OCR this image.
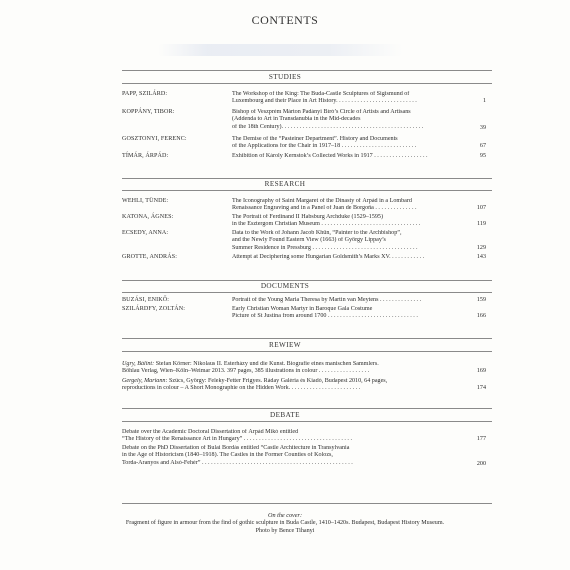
CONTENTS
STUDIES
PAPP, SZILÁRD:	The Workshop of the King: The Buda-Castle Sculptures of Sigismund of
Luxembourg and their Place in Art History. . . . . . . . . . . . . . . . . . . . . . . . . . .	1
KOPPÁNY, TIBOR:	Bishop of Veszprém Márton Padányi Bíró’s Circle of Artists and Artisans
(Addenda to Art in Transdanubia in the Mid-decades
of the 18th Century). . . . . . . . . . . . . . . . . . . . . . . . . . . . . . . . . . . . . . . . . . . . . . .	39
GOSZTONYI, FERENC:	The Demise of the “Pasteiner Department”. History and Documents
of the Applications for the Chair in 1917–18 . . . . . . . . . . . . . . . . . . . . . . . . .	67
TÍMÁR, ÁRPÁD:	Exhibition of Károly Kernstok’s Collected Works in 1917 . . . . . . . . . . . . . . . . . .	95
RESEARCH
WEHLI, TÜNDE:	The Iconography of Saint Margaret of the Dinasty of Árpád in a Lombard
Renaissance Engraving and in a Panel of Juan de Borgoña . . . . . . . . . . . . . .	107
KATONA, ÁGNES:	The Portrait of Ferdinand II Habsburg Archduke (1529–1595)
in the Esztergom Christian Museum . . . . . . . . . . . . . . . . . . . . . . . . . . . . . . . . .	119
ECSEDY, ANNA:	Data to the Work of Johann Jacob Khün, “Painter to the Archbishop”,
and the Newly Found Eastern View (1663) of György Lippay’s
Summer Residence in Pressburg . . . . . . . . . . . . . . . . . . . . . . . . . . . . . . . . . . .	129
GROTTE, ANDRÁS:	Attempt at Deciphering some Hungarian Goldsmith’s Marks XV. . . . . . . . . . . .	143
DOCUMENTS
BUZÁSI, ENIKŐ:	Portrait of the Young Maria Theresa by Martin van Meytens . . . . . . . . . . . . . .	159
SZILÁRDFY, ZOLTÁN:	Early Christian Woman Martyr in Baroque Gala Costume
Picture of St Justina from around 1700 . . . . . . . . . . . . . . . . . . . . . . . . . . . . . .	166
REWIEW
Ugry, Bálint: Stefan Körner: Nikolaus II. Esterházy und die Kunst. Biografie eines manischen Sammlers.
Böhlau Verlag, Wien–Köln–Weimar 2013. 397 pages, 385 illustrations in colour . . . . . . . . . . . . . . . . .	169
Gergely, Mariann: Szűcs, György: Feleky-Fetter Frigyes. Ráday Galéria és Kiadó, Budapest 2010, 64 pages,
reproductions in colour – A Short Monographie on the Hidden Work. . . . . . . . . . . . . . . . . . . . . . . .	174
DEBATE
Debate over the Academic Doctoral Dissertation of Árpád Mikó entitled
“The History of the Renaissance Art in Hungary” . . . . . . . . . . . . . . . . . . . . . . . . . . . . . . . . . . . .	177
Debate on the PhD Dissertation of Bulai Bordás entitled “Castle Architecture in Transylvania
in the Age of Historicism (1840–1918). The Castles in the Former Counties of Kolozs,
Torda-Aranyos and Alsó-Fehér” . . . . . . . . . . . . . . . . . . . . . . . . . . . . . . . . . . . . . . . . . . . . . . . . . .	200
On the cover:
Fragment of figure in armour from the find of gothic sculpture in Buda Castle, 1410–1420s. Budapest, Budapest History Museum. Photo by Bence Tihanyi
